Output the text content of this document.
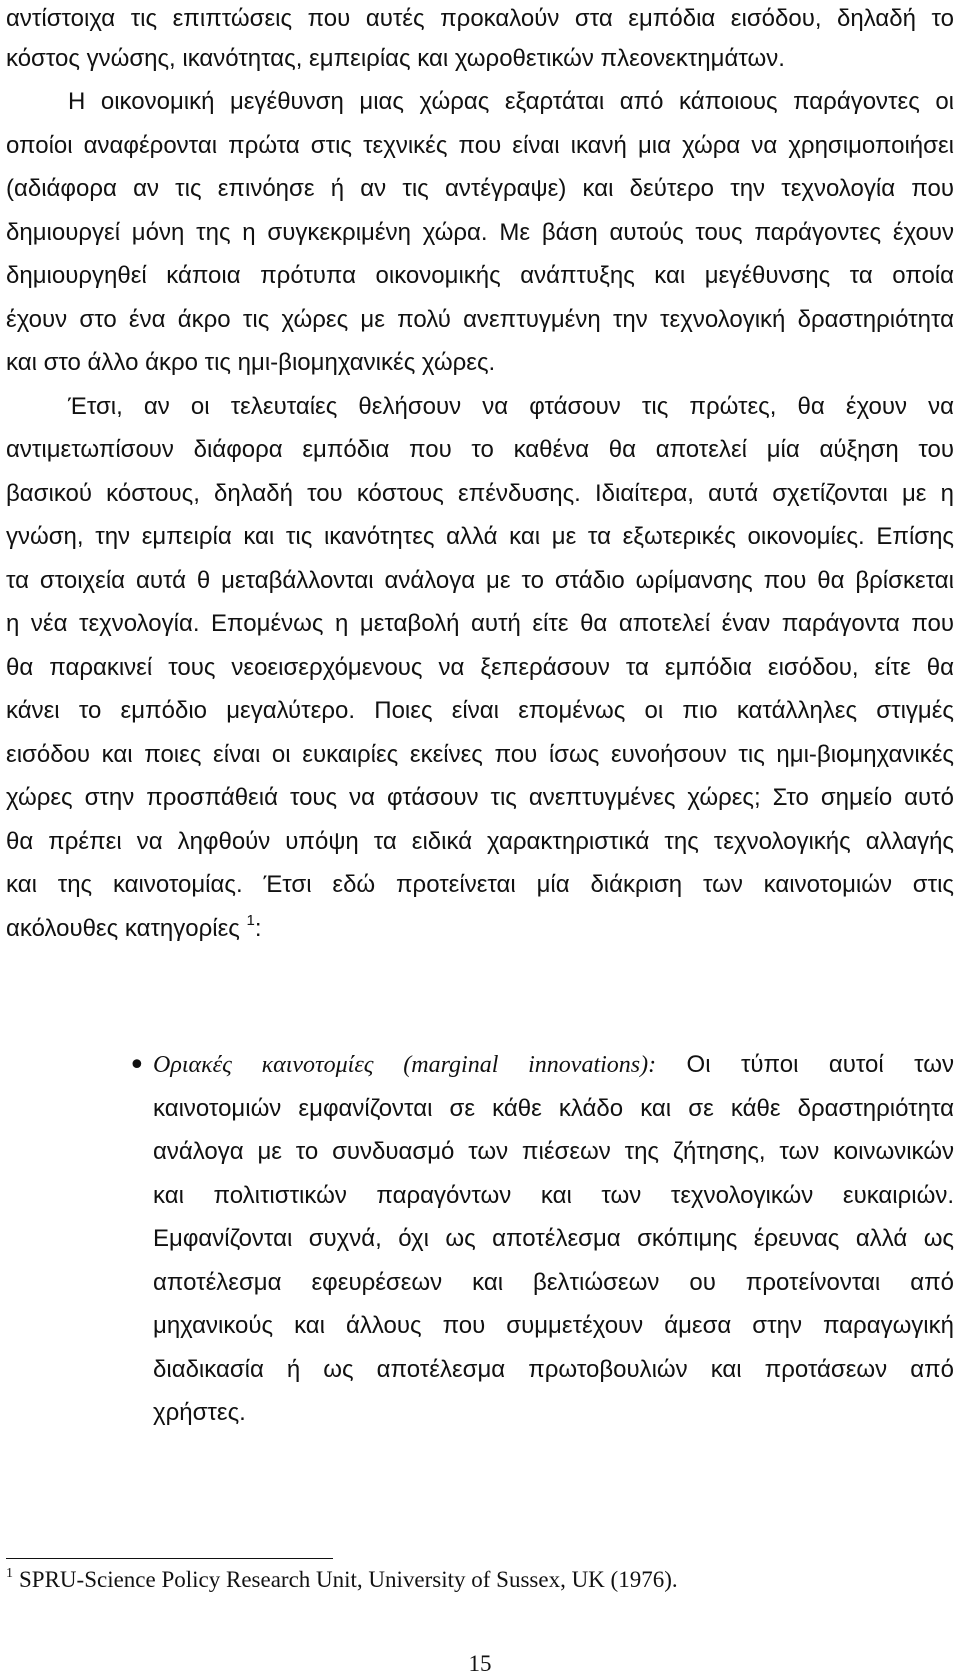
αντίστοιχα τις επιπτώσεις που αυτές προκαλούν στα εμπόδια εισόδου, δηλαδή το
κόστος γνώσης, ικανότητας, εμπειρίας και χωροθετικών πλεονεκτημάτων.
Η οικονομική μεγέθυνση μιας χώρας εξαρτάται από κάποιους παράγοντες οι
οποίοι αναφέρονται πρώτα στις τεχνικές που είναι ικανή μια χώρα να χρησιμοποιήσει
(αδιάφορα αν τις επινόησε ή αν τις αντέγραψε) και δεύτερο την τεχνολογία που
δημιουργεί μόνη της η συγκεκριμένη χώρα. Με βάση αυτούς τους παράγοντες έχουν
δημιουργηθεί κάποια πρότυπα οικονομικής ανάπτυξης και μεγέθυνσης τα οποία
έχουν στο ένα άκρο τις χώρες με πολύ ανεπτυγμένη την τεχνολογική δραστηριότητα
και στο άλλο άκρο τις ημι-βιομηχανικές χώρες.
Έτσι, αν οι τελευταίες θελήσουν να φτάσουν τις πρώτες, θα έχουν να
αντιμετωπίσουν διάφορα εμπόδια που το καθένα θα αποτελεί μία αύξηση του
βασικού κόστους, δηλαδή του κόστους επένδυσης. Ιδιαίτερα, αυτά σχετίζονται με η
γνώση, την εμπειρία και τις ικανότητες αλλά και με τα εξωτερικές οικονομίες. Επίσης
τα στοιχεία αυτά θ μεταβάλλονται ανάλογα με το στάδιο ωρίμανσης που θα βρίσκεται
η νέα τεχνολογία. Επομένως η μεταβολή αυτή είτε θα αποτελεί έναν παράγοντα που
θα παρακινεί τους νεοεισερχόμενους να ξεπεράσουν τα εμπόδια εισόδου, είτε θα
κάνει το εμπόδιο μεγαλύτερο. Ποιες είναι επομένως οι πιο κατάλληλες στιγμές
εισόδου και ποιες είναι οι ευκαιρίες εκείνες που ίσως ευνοήσουν τις ημι-βιομηχανικές
χώρες στην προσπάθειά τους να φτάσουν τις ανεπτυγμένες χώρες; Στο σημείο αυτό
θα πρέπει να ληφθούν υπόψη τα ειδικά χαρακτηριστικά της τεχνολογικής αλλαγής
και της καινοτομίας. Έτσι εδώ προτείνεται μία διάκριση των καινοτομιών στις
ακόλουθες κατηγορίες $^1$:
• Οριακές καινοτομίες (marginal innovations): Οι τύποι αυτοί των
καινοτομιών εμφανίζονται σε κάθε κλάδο και σε κάθε δραστηριότητα
ανάλογα με το συνδυασμό των πιέσεων της ζήτησης, των κοινωνικών
και πολιτιστικών παραγόντων και των τεχνολογικών ευκαιριών.
Εμφανίζονται συχνά, όχι ως αποτέλεσμα σκόπιμης έρευνας αλλά ως
αποτέλεσμα εφευρέσεων και βελτιώσεων ου προτείνονται από
μηχανικούς και άλλους που συμμετέχουν άμεσα στην παραγωγική
διαδικασία ή ως αποτέλεσμα πρωτοβουλιών και προτάσεων από
χρήστες.
$^1$ SPRU-Science Policy Research Unit, University of Sussex, UK (1976).
15
